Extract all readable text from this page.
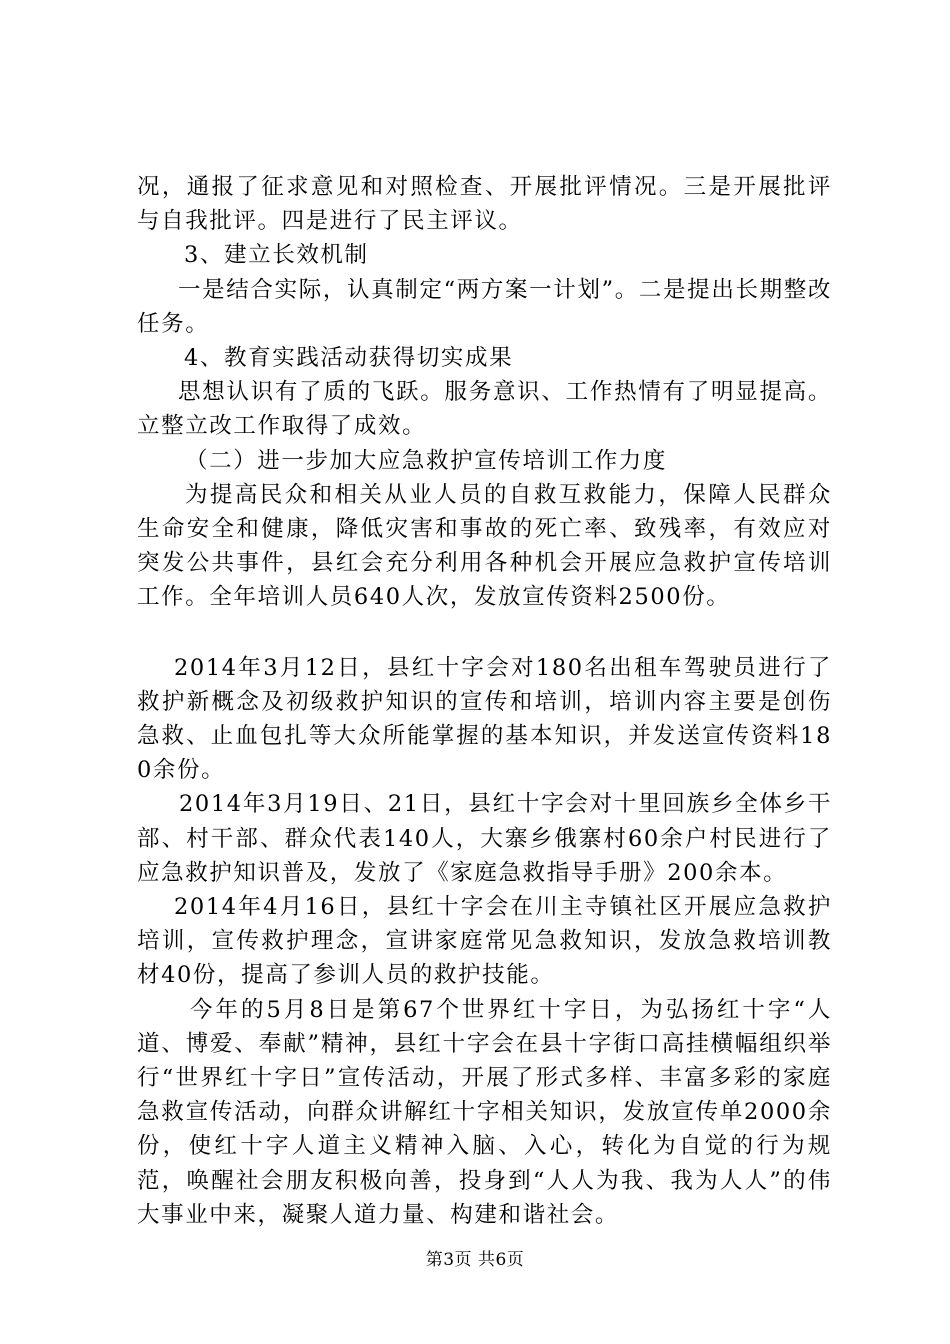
况，通报了征求意见和对照检查、开展批评情况。三是开展批评与自我批评。四是进行了民主评议。

3、建立长效机制

一是结合实际，认真制定“两方案一计划”。二是提出长期整改任务。

4、教育实践活动获得切实成果

思想认识有了质的飞跃。服务意识、工作热情有了明显提高。立整立改工作取得了成效。

（二）进一步加大应急救护宣传培训工作力度

为提高民众和相关从业人员的自救互救能力，保障人民群众生命安全和健康，降低灾害和事故的死亡率、致残率，有效应对突发公共事件，县红会充分利用各种机会开展应急救护宣传培训工作。全年培训人员640人次，发放宣传资料2500份。

2014年3月12日，县红十字会对180名出租车驾驶员进行了救护新概念及初级救护知识的宣传和培训，培训内容主要是创伤急救、止血包扎等大众所能掌握的基本知识，并发送宣传资料180余份。

2014年3月19日、21日，县红十字会对十里回族乡全体乡干部、村干部、群众代表140人，大寨乡俄寨村60余户村民进行了应急救护知识普及，发放了《家庭急救指导手册》200余本。

2014年4月16日，县红十字会在川主寺镇社区开展应急救护培训，宣传救护理念，宣讲家庭常见急救知识，发放急救培训教材40份，提高了参训人员的救护技能。

今年的5月8日是第67个世界红十字日，为弘扬红十字“人道、博爱、奉献”精神，县红十字会在县十字街口高挂横幅组织举行“世界红十字日”宣传活动，开展了形式多样、丰富多彩的家庭急救宣传活动，向群众讲解红十字相关知识，发放宣传单2000余份，使红十字人道主义精神入脑、入心，转化为自觉的行为规范，唤醒社会朋友积极向善，投身到“人人为我、我为人人”的伟大事业中来，凝聚人道力量、构建和谐社会。

第3页 共6页
